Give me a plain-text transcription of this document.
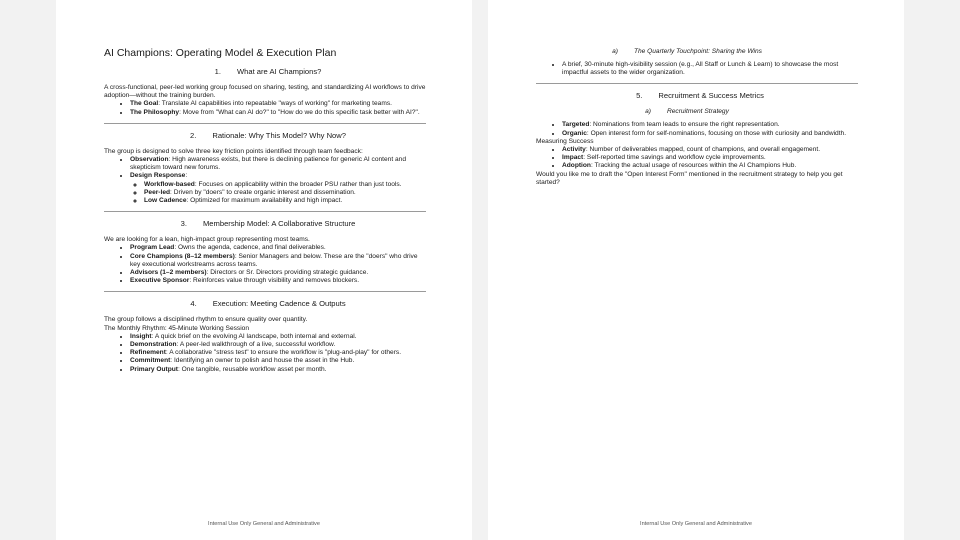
AI Champions: Operating Model & Execution Plan
1. What are AI Champions?

A cross-functional, peer-led working group focused on sharing, testing, and standardizing AI workflows to drive adoption—without the training burden.

• The Goal: Translate AI capabilities into repeatable "ways of working" for marketing teams.
• The Philosophy: Move from "What can AI do?" to "How do we do this specific task better with AI?".
2. Rationale: Why This Model? Why Now?

The group is designed to solve three key friction points identified through team feedback:

• Observation: High awareness exists, but there is declining patience for generic AI content and skepticism toward new forums.
• Design Response:
◦ Workflow-based: Focuses on applicability within the broader PSU rather than just tools.
◦ Peer-led: Driven by "doers" to create organic interest and dissemination.
◦ Low Cadence: Optimized for maximum availability and high impact.
3. Membership Model: A Collaborative Structure

We are looking for a lean, high-impact group representing most teams.

• Program Lead: Owns the agenda, cadence, and final deliverables.
• Core Champions (8–12 members): Senior Managers and below. These are the "doers" who drive key executional workstreams across teams.
• Advisors (1–2 members): Directors or Sr. Directors providing strategic guidance.
• Executive Sponsor: Reinforces value through visibility and removes blockers.
4. Execution: Meeting Cadence & Outputs

The group follows a disciplined rhythm to ensure quality over quantity.

The Monthly Rhythm: 45-Minute Working Session

• Insight: A quick brief on the evolving AI landscape, both internal and external.
• Demonstration: A peer-led walkthrough of a live, successful workflow.
• Refinement: A collaborative "stress test" to ensure the workflow is "plug-and-play" for others.
• Commitment: Identifying an owner to polish and house the asset in the Hub.
• Primary Output: One tangible, reusable workflow asset per month.
Internal Use Only General and Administrative
a) The Quarterly Touchpoint: Sharing the Wins
• A brief, 30-minute high-visibility session (e.g., All Staff or Lunch & Learn) to showcase the most impactful assets to the wider organization.
5. Recruitment & Success Metrics
a) Recruitment Strategy
• Targeted: Nominations from team leads to ensure the right representation.
• Organic: Open interest form for self-nominations, focusing on those with curiosity and bandwidth.

Measuring Success

• Activity: Number of deliverables mapped, count of champions, and overall engagement.
• Impact: Self-reported time savings and workflow cycle improvements.
• Adoption: Tracking the actual usage of resources within the AI Champions Hub.

Would you like me to draft the "Open Interest Form" mentioned in the recruitment strategy to help you get started?

Internal Use Only General and Administrative
